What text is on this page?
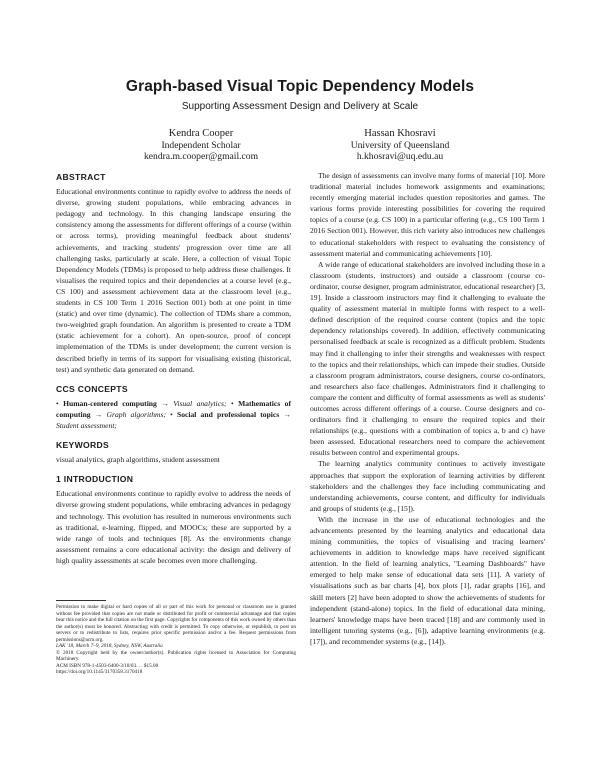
Graph-based Visual Topic Dependency Models
Supporting Assessment Design and Delivery at Scale
Kendra Cooper
Independent Scholar
kendra.m.cooper@gmail.com
Hassan Khosravi
University of Queensland
h.khosravi@uq.edu.au
ABSTRACT

Educational environments continue to rapidly evolve to address the needs of diverse, growing student populations, while embracing advances in pedagogy and technology. In this changing landscape ensuring the consistency among the assessments for different offerings of a course (within or across terms), providing meaningful feedback about students' achievements, and tracking students' progression over time are all challenging tasks, particularly at scale. Here, a collection of visual Topic Dependency Models (TDMs) is proposed to help address these challenges. It visualises the required topics and their dependencies at a course level (e.g., CS 100) and assessment achievement data at the classroom level (e.g., students in CS 100 Term 1 2016 Section 001) both at one point in time (static) and over time (dynamic). The collection of TDMs share a common, two-weighted graph foundation. An algorithm is presented to create a TDM (static achievement for a cohort). An open-source, proof of concept implementation of the TDMs is under development; the current version is described briefly in terms of its support for visualising existing (historical, test) and synthetic data generated on demand.

CCS CONCEPTS

• Human-centered computing → Visual analytics; • Mathematics of computing → Graph algorithms; • Social and professional topics → Student assessment;

KEYWORDS

visual analytics, graph algorithms, student assessment

1 INTRODUCTION

Educational environments continue to rapidly evolve to address the needs of diverse growing student populations, while embracing advances in pedagogy and technology. This evolution has resulted in numerous environments such as traditional, e-learning, flipped, and MOOCs; these are supported by a wide range of tools and techniques [8]. As the environments change assessment remains a core educational activity: the design and delivery of high quality assessments at scale becomes even more challenging.

Permission to make digital or hard copies of all or part of this work for personal or classroom use is granted without fee provided that copies are not made or distributed for profit or commercial advantage and that copies bear this notice and the full citation on the first page. Copyrights for components of this work owned by others than the author(s) must be honored. Abstracting with credit is permitted. To copy otherwise, or republish, to post on servers or to redistribute to lists, requires prior specific permission and/or a fee. Request permissions from permissions@acm.org.
LAK '18, March 7–9, 2018, Sydney, NSW, Australia
© 2018 Copyright held by the owner/author(s). Publication rights licensed to Association for Computing Machinery.
ACM ISBN 978-1-4503-6400-3/18/03. . . $15.00
https://doi.org/10.1145/3170358.3170418

The design of assessments can involve many forms of material [10]. More traditional material includes homework assignments and examinations; recently emerging material includes question repositories and games. The various forms provide interesting possibilities for covering the required topics of a course (e.g. CS 100) in a particular offering (e.g., CS 100 Term 1 2016 Section 001). However, this rich variety also introduces new challenges to educational stakeholders with respect to evaluating the consistency of assessment material and communicating achievements [10].

A wide range of educational stakeholders are involved including those in a classroom (students, instructors) and outside a classroom (course co-ordinator, course designer, program administrator, educational researcher) [3, 19]. Inside a classroom instructors may find it challenging to evaluate the quality of assessment material in multiple forms with respect to a well-defined description of the required course content (topics and the topic dependency relationships covered). In addition, effectively communicating personalised feedback at scale is recognized as a difficult problem. Students may find it challenging to infer their strengths and weaknesses with respect to the topics and their relationships, which can impede their studies. Outside a classroom program administrators, course designers, course co-ordinators, and researchers also face challenges. Administrators find it challenging to compare the content and difficulty of formal assessments as well as students' outcomes across different offerings of a course. Course designers and co-ordinators find it challenging to ensure the required topics and their relationships (e.g., questions with a combination of topics a, b and c) have been assessed. Educational researchers need to compare the achievement results between control and experimental groups.

The learning analytics community continues to actively investigate approaches that support the exploration of learning activities by different stakeholders and the challenges they face including communicating and understanding achievements, course content, and difficulty for individuals and groups of students (e.g., [15]).

With the increase in the use of educational technologies and the advancements presented by the learning analytics and educational data mining communities, the topics of visualising and tracing learners' achievements in addition to knowledge maps have received significant attention. In the field of learning analytics, "Learning Dashboards" have emerged to help make sense of educational data sets [11]. A variety of visualisations such as bar charts [4], box plots [1], radar graphs [16], and skill meters [2] have been adopted to show the achievements of students for independent (stand-alone) topics. In the field of educational data mining, learners' knowledge maps have been traced [18] and are commonly used in intelligent tutoring systems (e.g., [6]), adaptive learning environments (e.g. [17]), and recommender systems (e.g., [14]).
